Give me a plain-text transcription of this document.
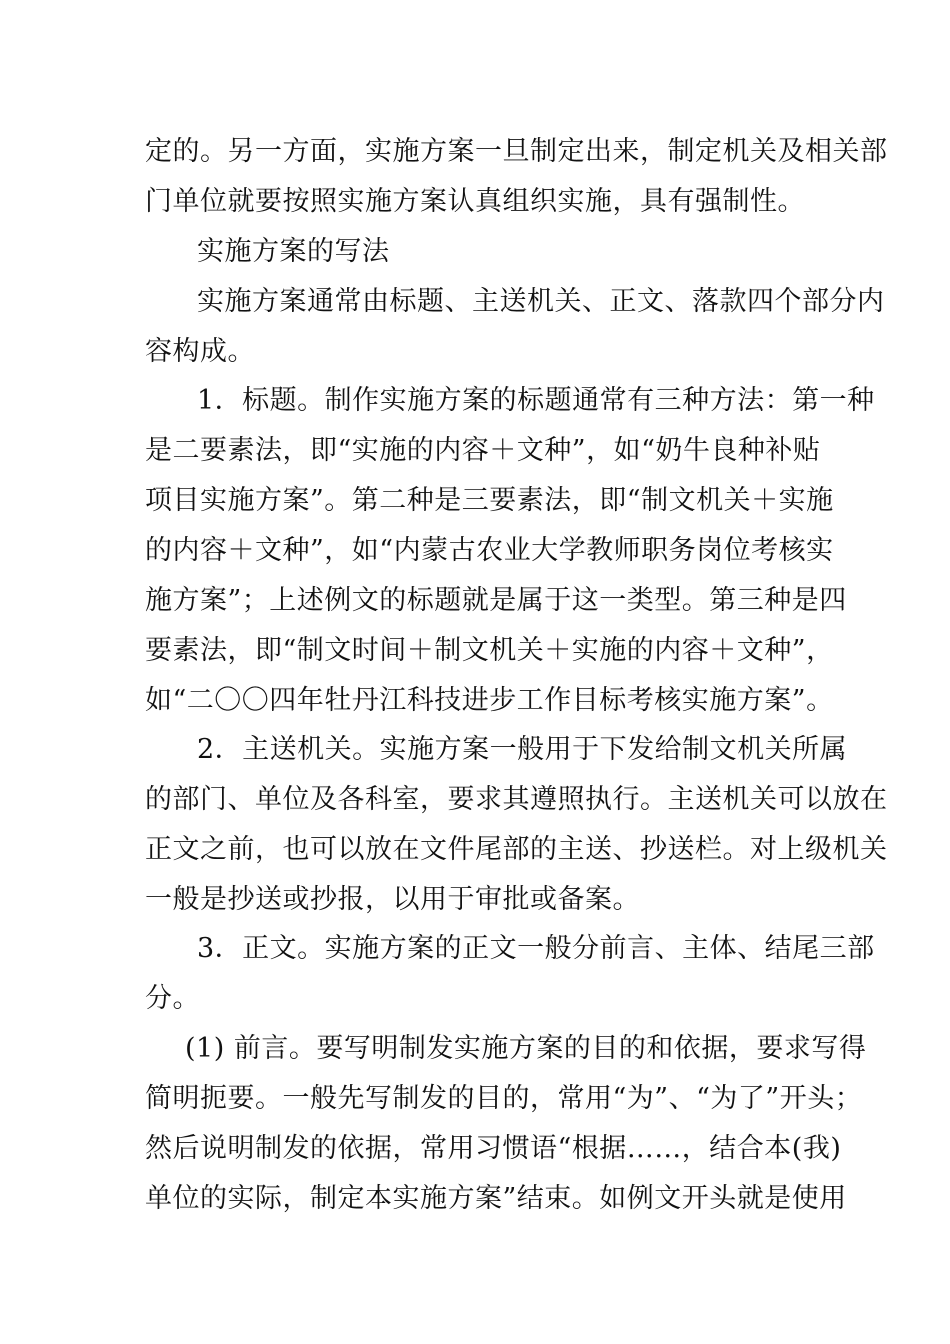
定的。另一方面，实施方案一旦制定出来，制定机关及相关部

门单位就要按照实施方案认真组织实施，具有强制性。

实施方案的写法

实施方案通常由标题、主送机关、正文、落款四个部分内

容构成。

1．标题。制作实施方案的标题通常有三种方法：第一种

是二要素法，即“实施的内容＋文种”，如“奶牛良种补贴

项目实施方案”。第二种是三要素法，即“制文机关＋实施

的内容＋文种”，如“内蒙古农业大学教师职务岗位考核实

施方案”；上述例文的标题就是属于这一类型。第三种是四

要素法，即“制文时间＋制文机关＋实施的内容＋文种”，

如“二〇〇四年牡丹江科技进步工作目标考核实施方案”。

2．主送机关。实施方案一般用于下发给制文机关所属

的部门、单位及各科室，要求其遵照执行。主送机关可以放在

正文之前，也可以放在文件尾部的主送、抄送栏。对上级机关

一般是抄送或抄报，以用于审批或备案。

3．正文。实施方案的正文一般分前言、主体、结尾三部

分。

(1) 前言。要写明制发实施方案的目的和依据，要求写得

简明扼要。一般先写制发的目的，常用“为”、“为了”开头；

然后说明制发的依据，常用习惯语“根据……，结合本(我)

单位的实际，制定本实施方案”结束。如例文开头就是使用
